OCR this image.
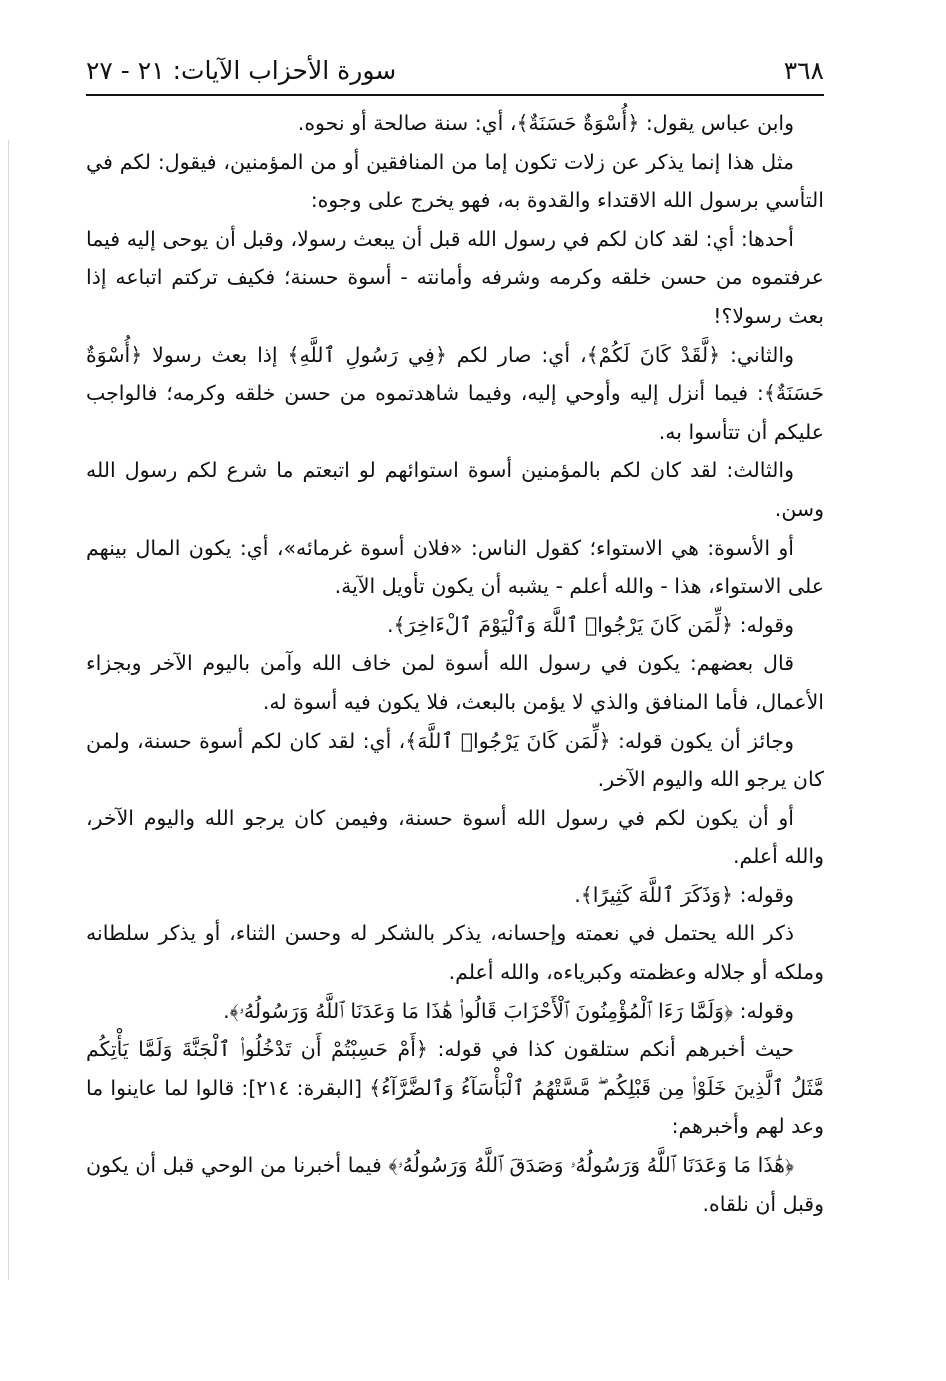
٣٦٨
سورة الأحزاب الآيات: ٢١ - ٢٧

وابن عباس يقول: ﴿أُسْوَةٌ حَسَنَةٌ﴾، أي: سنة صالحة أو نحوه.

مثل هذا إنما يذكر عن زلات تكون إما من المنافقين أو من المؤمنين، فيقول: لكم في التأسي برسول الله الاقتداء والقدوة به، فهو يخرج على وجوه:

أحدها: أي: لقد كان لكم في رسول الله قبل أن يبعث رسولا، وقبل أن يوحى إليه فيما عرفتموه من حسن خلقه وكرمه وشرفه وأمانته - أسوة حسنة؛ فكيف تركتم اتباعه إذا بعث رسولا؟!

والثاني: ﴿لَّقَدْ كَانَ لَكُمْ﴾، أي: صار لكم ﴿فِي رَسُولِ ٱللَّهِ﴾ إذا بعث رسولا ﴿أُسْوَةٌ حَسَنَةٌ﴾: فيما أنزل إليه وأوحي إليه، وفيما شاهدتموه من حسن خلقه وكرمه؛ فالواجب عليكم أن تتأسوا به.

والثالث: لقد كان لكم بالمؤمنين أسوة استوائهم لو اتبعتم ما شرع لكم رسول الله وسن.

أو الأسوة: هي الاستواء؛ كقول الناس: «فلان أسوة غرمائه»، أي: يكون المال بينهم على الاستواء، هذا - والله أعلم - يشبه أن يكون تأويل الآية.

وقوله: ﴿لِّمَن كَانَ يَرْجُوا۟ ٱللَّهَ وَٱلْيَوْمَ ٱلْءَاخِرَ﴾.

قال بعضهم: يكون في رسول الله أسوة لمن خاف الله وآمن باليوم الآخر وبجزاء الأعمال، فأما المنافق والذي لا يؤمن بالبعث، فلا يكون فيه أسوة له.

وجائز أن يكون قوله: ﴿لِّمَن كَانَ يَرْجُوا۟ ٱللَّهَ﴾، أي: لقد كان لكم أسوة حسنة، ولمن كان يرجو الله واليوم الآخر.

أو أن يكون لكم في رسول الله أسوة حسنة، وفيمن كان يرجو الله واليوم الآخر، والله أعلم.

وقوله: ﴿وَذَكَرَ ٱللَّهَ كَثِيرًا﴾.

ذكر الله يحتمل في نعمته وإحسانه، يذكر بالشكر له وحسن الثناء، أو يذكر سلطانه وملكه أو جلاله وعظمته وكبرياءه، والله أعلم.

وقوله: ﴿وَلَمَّا رَءَا ٱلْمُؤْمِنُونَ ٱلْأَحْزَابَ قَالُوا۟ هَٰذَا مَا وَعَدَنَا ٱللَّهُ وَرَسُولُهُۥ﴾.

حيث أخبرهم أنكم ستلقون كذا في قوله: ﴿أَمْ حَسِبْتُمْ أَن تَدْخُلُوا۟ ٱلْجَنَّةَ وَلَمَّا يَأْتِكُم مَّثَلُ ٱلَّذِينَ خَلَوْا۟ مِن قَبْلِكُم ۖ مَّسَّتْهُمُ ٱلْبَأْسَآءُ وَٱلضَّرَّآءُ﴾ [البقرة: ٢١٤]: قالوا لما عاينوا ما وعد لهم وأخبرهم:

﴿هَٰذَا مَا وَعَدَنَا ٱللَّهُ وَرَسُولُهُۥ وَصَدَقَ ٱللَّهُ وَرَسُولُهُۥ﴾ فيما أخبرنا من الوحي قبل أن يكون وقبل أن نلقاه.
